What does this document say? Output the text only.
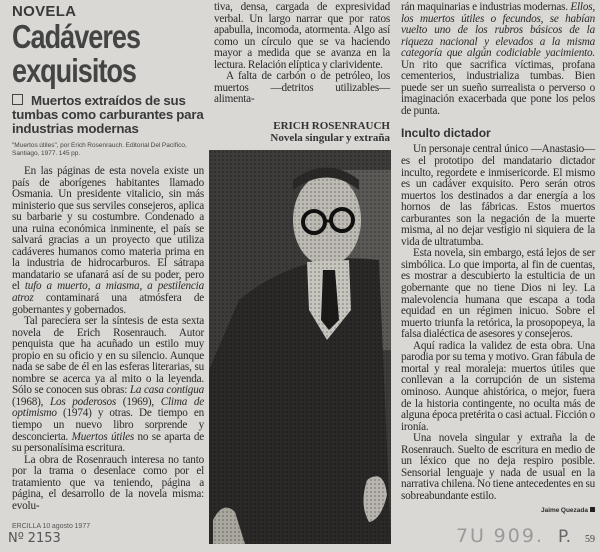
NOVELA
Cadáveres
exquisitos
Muertos extraídos de sus tumbas como carburantes para industrias modernas
"Muertos útiles", por Erich Rosenrauch. Editorial Del Pacífico, Santiago, 1977. 145 pp.

En las páginas de esta novela existe un país de aborígenes habitantes llamado Osmania. Un presidente vitalicio, sin más ministerio que sus serviles consejeros, aplica su barbarie y su costumbre. Condenado a una ruina económica inminente, el país se salvará gracias a un proyecto que utiliza cadáveres humanos como materia prima en la industria de hidrocarburos. El sátrapa mandatario se ufanará así de su poder, pero el tufo a muerto, a miasma, a pestilencia atroz contaminará una atmósfera de gobernantes y gobernados.

Tal pareciera ser la síntesis de esta sexta novela de Erich Rosenrauch. Autor penquista que ha acuñado un estilo muy propio en su oficio y en su silencio. Aunque nada se sabe de él en las esferas literarias, su nombre se acerca ya al mito o la leyenda. Sólo se conocen sus obras: La casa contigua (1968), Los poderosos (1969), Clima de optimismo (1974) y otras. De tiempo en tiempo un nuevo libro sorprende y desconcierta. Muertos útiles no se aparta de su personalísima escritura.

La obra de Rosenrauch interesa no tanto por la trama o desenlace como por el tratamiento que va teniendo, página a página, el desarrollo de la novela misma: evolu-

ERCILLA 10 agosto 1977
Nº 2153

tiva, densa, cargada de expresividad verbal. Un largo narrar que por ratos apabulla, incomoda, atormenta. Algo así como un círculo que se va haciendo mayor a medida que se avanza en la lectura. Relación elíptica y clarividente.

A falta de carbón o de petróleo, los muertos —detritos utilizables— alimenta-

ERICH ROSENRAUCH
Novela singular y extraña

rán maquinarias e industrias modernas. Ellos, los muertos útiles o fecundos, se habían vuelto uno de los rubros básicos de la riqueza nacional y elevados a la misma categoría que algún codiciable yacimiento. Un rito que sacrifica víctimas, profana cementerios, industrializa tumbas. Bien puede ser un sueño surrealista o perverso o imaginación exacerbada que pone los pelos de punta.

Inculto dictador

Un personaje central único —Anastasio— es el prototipo del mandatario dictador inculto, regordete e inmisericorde. El mismo es un cadáver exquisito. Pero serán otros muertos los destinados a dar energía a los hornos de las fábricas. Estos muertos carburantes son la negación de la muerte misma, al no dejar vestigio ni siquiera de la vida de ultratumba.

Esta novela, sin embargo, está lejos de ser simbólica. Lo que importa, al fin de cuentas, es mostrar a descubierto la estulticia de un gobernante que no tiene Dios ni ley. La malevolencia humana que escapa a toda equidad en un régimen inicuo. Sobre el muerto triunfa la retórica, la prosopopeya, la falsa dialéctica de asesores y consejeros.

Aquí radica la validez de esta obra. Una parodia por su tema y motivo. Gran fábula de mortal y real moraleja: muertos útiles que conllevan a la corrupción de un sistema ominoso. Aunque ahistórica, o mejor, fuera de la historia contingente, no oculta más de alguna época pretérita o casi actual. Ficción o ironía.

Una novela singular y extraña la de Rosenrauch. Suelto de escritura en medio de un léxico que no deja respiro posible. Sensorial lenguaje y nada de usual en la narrativa chilena. No tiene antecedentes en su sobreabundante estilo.

Jaime Quezada

7U 909. P. 59
